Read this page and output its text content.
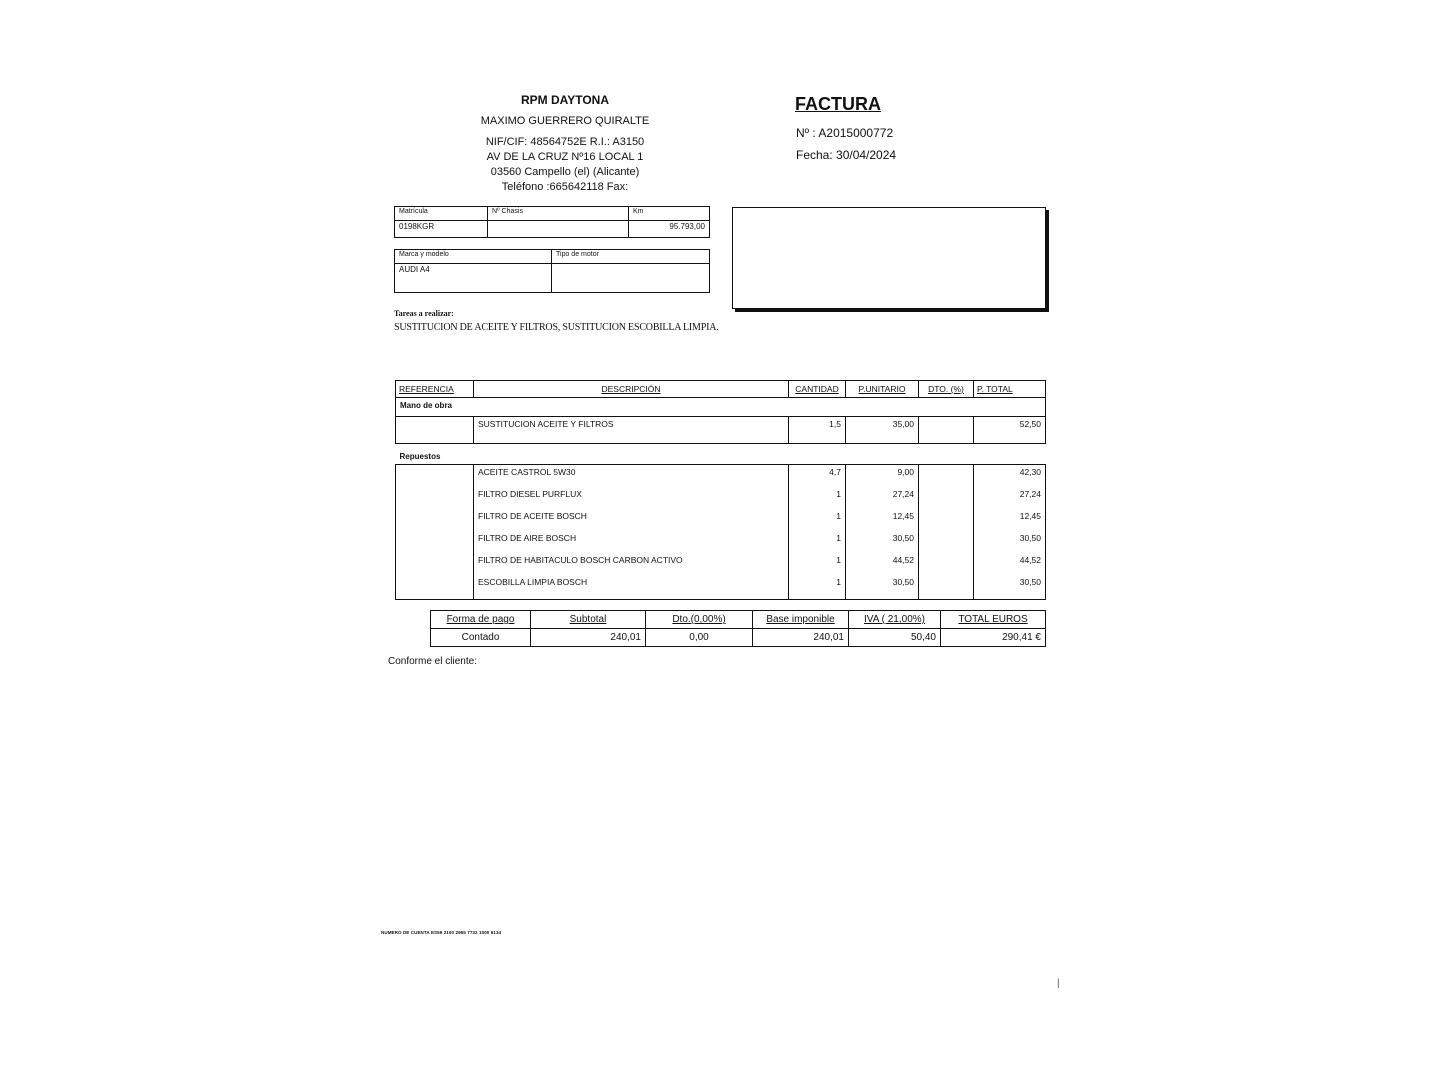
RPM DAYTONA
MAXIMO GUERRERO QUIRALTE
NIF/CIF: 48564752E R.I.: A3150
AV DE LA CRUZ Nº16 LOCAL 1
03560 Campello (el) (Alicante)
Teléfono :665642118 Fax:
FACTURA
Nº : A2015000772
Fecha: 30/04/2024
Matrícula	Nº Chasis	Km
0198KGR		95.793,00
Marca y modelo	Tipo de motor
AUDI A4	
Tareas a realizar:
SUSTITUCION DE ACEITE Y FILTROS, SUSTITUCION ESCOBILLA LIMPIA.
REFERENCIA	DESCRIPCIÓN	CANTIDAD	P.UNITARIO	DTO. (%)	P. TOTAL
Mano de obra					

	SUSTITUCION ACEITE Y FILTROS	1,5	35,00		52,50
Repuestos					
	ACEITE CASTROL 5W30	4,7	9,00		42,30
	FILTRO DIESEL PURFLUX	1	27,24		27,24
	FILTRO DE ACEITE BOSCH	1	12,45		12,45
	FILTRO DE AIRE BOSCH	1	30,50		30,50
	FILTRO DE HABITACULO BOSCH CARBON ACTIVO	1	44,52		44,52
	ESCOBILLA LIMPIA BOSCH	1	30,50		30,50
Forma de pago	Subtotal	Dto.(0,00%)	Base imponible	IVA ( 21,00%)	TOTAL EUROS
Contado	240,01	0,00	240,01	50,40	290,41 €
Conforme el cliente:
NUMERO DE CUENTA ES59 2100 2955 7732 1000 6134
|
